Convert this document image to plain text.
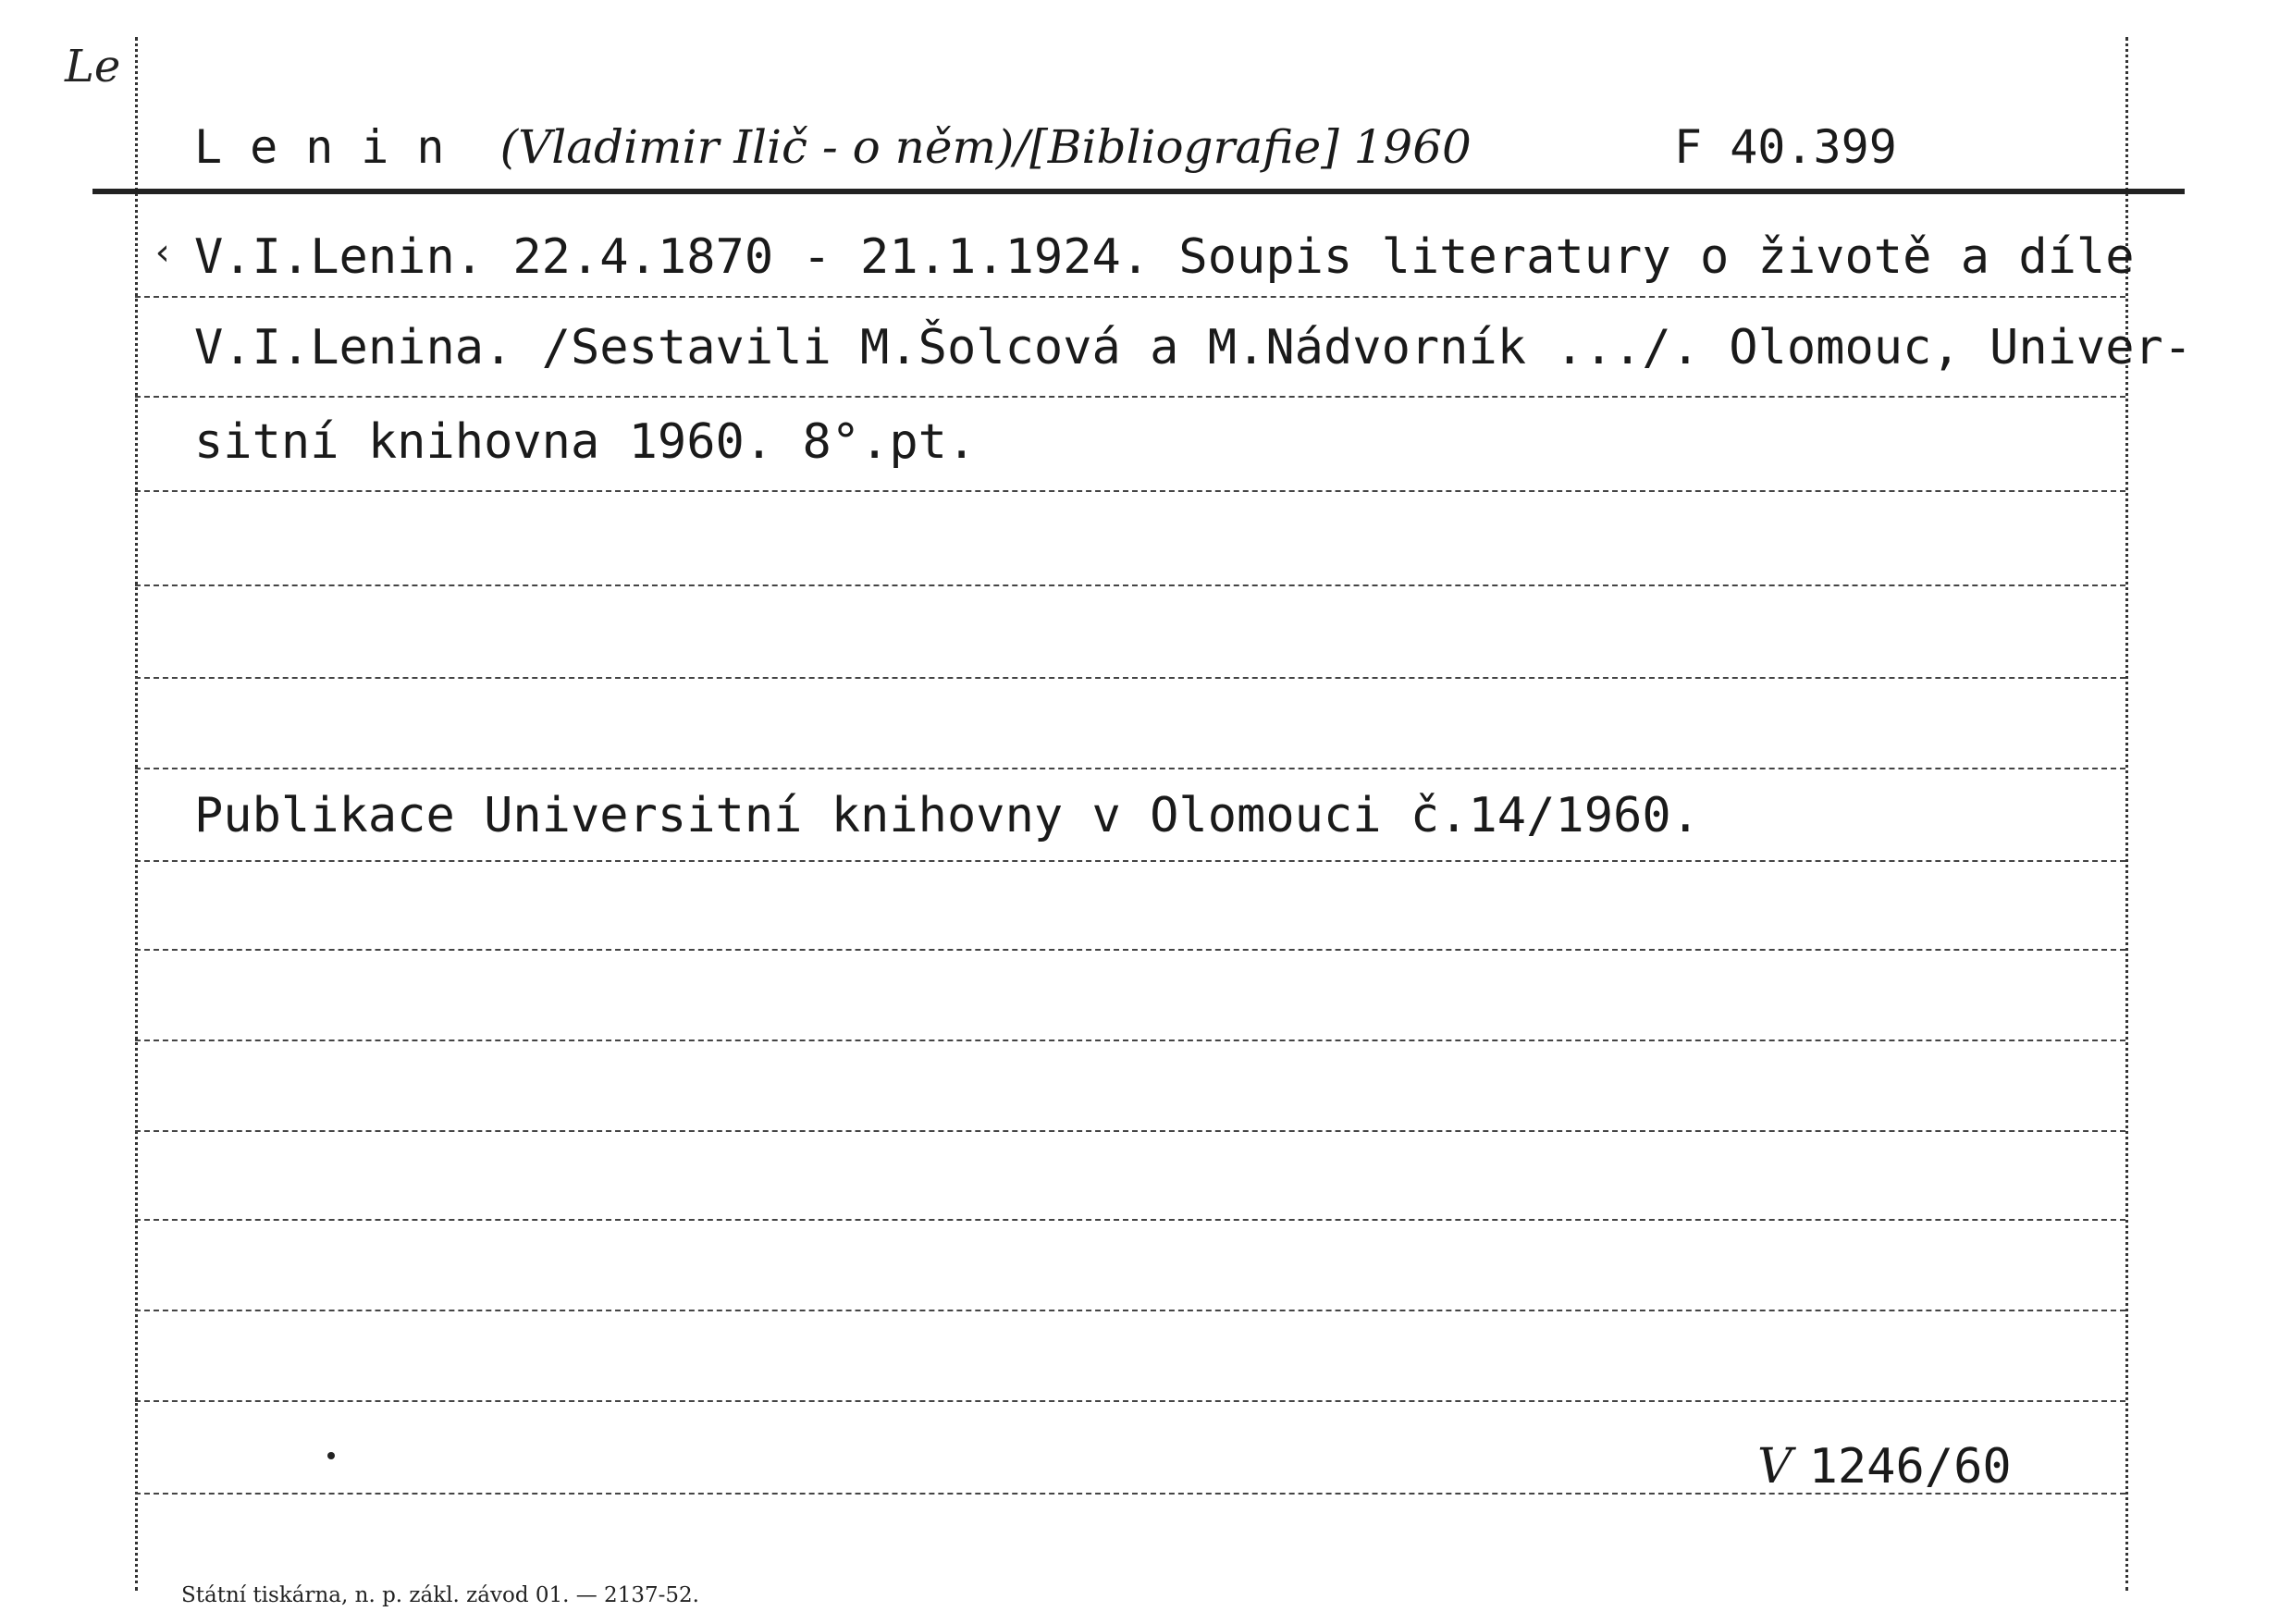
Le
Lenin (Vladimir Ilič - o něm)/[Bibliografie] 1960	F 40.399
‹ V.I.Lenin. 22.4.1870 - 21.1.1924. Soupis literatury o životě a díle
V.I.Lenina. /Sestavili M.Šolcová a M.Nádvorník .../. Olomouc, Univer-
sitní knihovna 1960. 8°.pt.
Publikace Universitní knihovny v Olomouci č.14/1960.
V 1246/60
Státní tiskárna, n. p. zákl. závod 01. — 2137-52.
